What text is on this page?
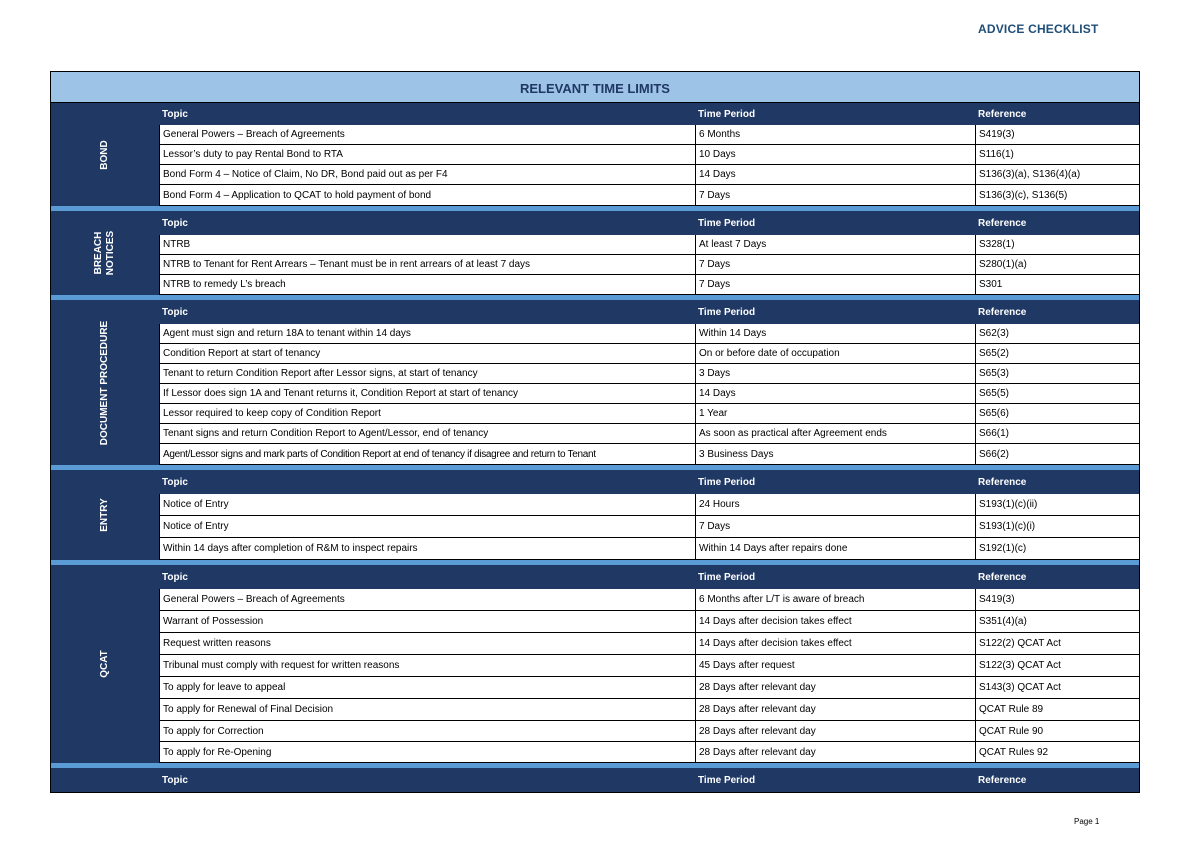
ADVICE CHECKLIST
RELEVANT TIME LIMITS
BOND
Topic	Time Period	Reference
General Powers – Breach of Agreements	6 Months	S419(3)
Lessor’s duty to pay Rental Bond to RTA	10 Days	S116(1)
Bond Form 4 – Notice of Claim, No DR, Bond paid out as per F4	14 Days	S136(3)(a), S136(4)(a)
Bond Form 4 – Application to QCAT to hold payment of bond	7 Days	S136(3)(c), S136(5)
BREACH NOTICES
Topic	Time Period	Reference
NTRB	At least 7 Days	S328(1)
NTRB to Tenant for Rent Arrears – Tenant must be in rent arrears of at least 7 days	7 Days	S280(1)(a)
NTRB to remedy L’s breach	7 Days	S301
DOCUMENT PROCEDURE
Topic	Time Period	Reference
Agent must sign and return 18A to tenant within 14 days	Within 14 Days	S62(3)
Condition Report at start of tenancy	On or before date of occupation	S65(2)
Tenant to return Condition Report after Lessor signs, at start of tenancy	3 Days	S65(3)
If Lessor does sign 1A and Tenant returns it, Condition Report at start of tenancy	14 Days	S65(5)
Lessor required to keep copy of Condition Report	1 Year	S65(6)
Tenant signs and return Condition Report to Agent/Lessor, end of tenancy	As soon as practical after Agreement ends	S66(1)
Agent/Lessor signs and mark parts of Condition Report at end of tenancy if disagree and return to Tenant	3 Business Days	S66(2)
ENTRY
Topic	Time Period	Reference
Notice of Entry	24 Hours	S193(1)(c)(ii)
Notice of Entry	7 Days	S193(1)(c)(i)
Within 14 days after completion of R&M to inspect repairs	Within 14 Days after repairs done	S192(1)(c)
QCAT
Topic	Time Period	Reference
General Powers – Breach of Agreements	6 Months after L/T is aware of breach	S419(3)
Warrant of Possession	14 Days after decision takes effect	S351(4)(a)
Request written reasons	14 Days after decision takes effect	S122(2) QCAT Act
Tribunal must comply with request for written reasons	45 Days after request	S122(3) QCAT Act
To apply for leave to appeal	28 Days after relevant day	S143(3) QCAT Act
To apply for Renewal of Final Decision	28 Days after relevant day	QCAT Rule 89
To apply for Correction	28 Days after relevant day	QCAT Rule 90
To apply for Re-Opening	28 Days after relevant day	QCAT Rules 92
Topic	Time Period	Reference
Page 1
